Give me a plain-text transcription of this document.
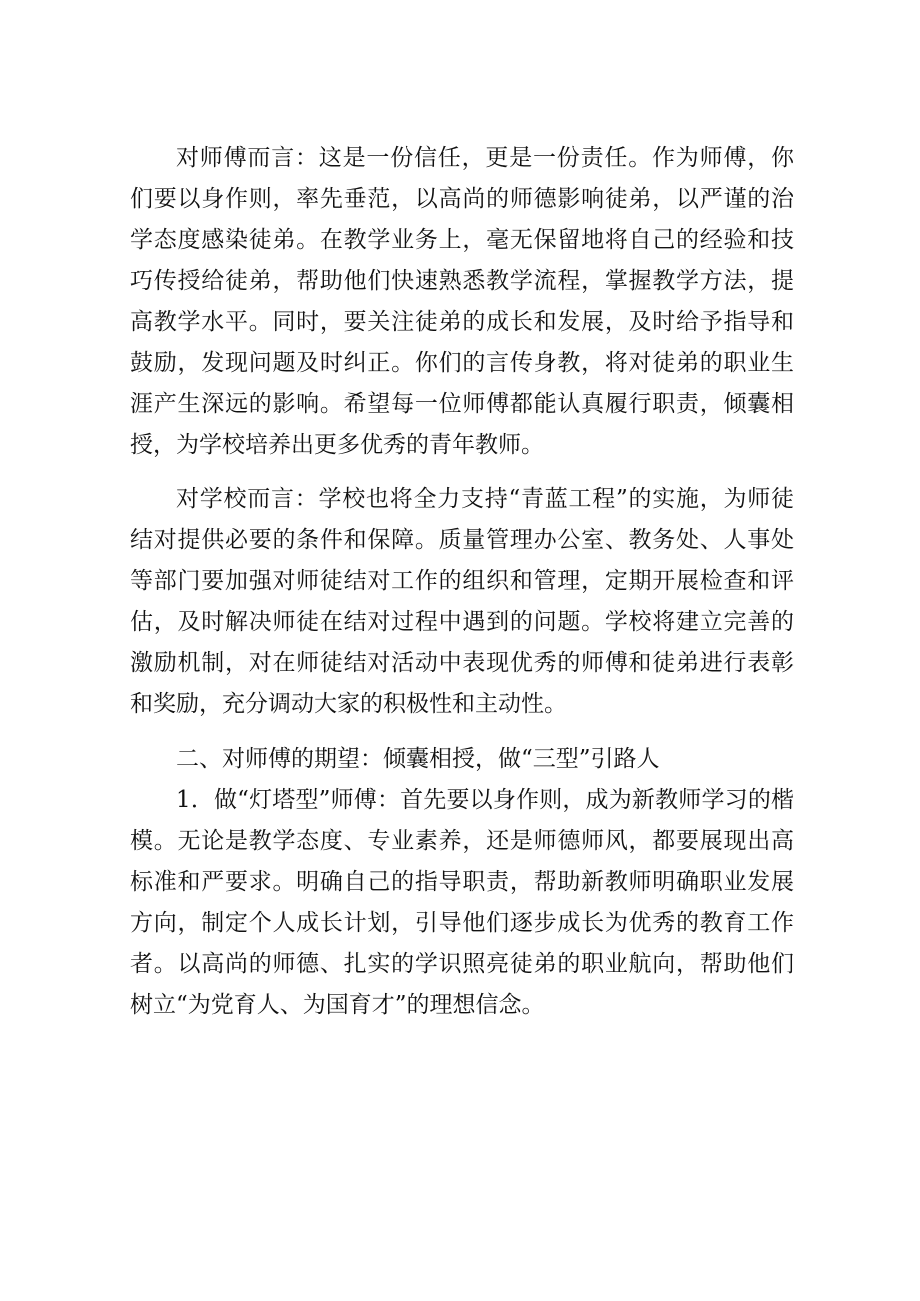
对师傅而言：这是一份信任，更是一份责任。作为师傅，你们要以身作则，率先垂范，以高尚的师德影响徒弟，以严谨的治学态度感染徒弟。在教学业务上，毫无保留地将自己的经验和技巧传授给徒弟，帮助他们快速熟悉教学流程，掌握教学方法，提高教学水平。同时，要关注徒弟的成长和发展，及时给予指导和鼓励，发现问题及时纠正。你们的言传身教，将对徒弟的职业生涯产生深远的影响。希望每一位师傅都能认真履行职责，倾囊相授，为学校培养出更多优秀的青年教师。

对学校而言：学校也将全力支持“青蓝工程”的实施，为师徒结对提供必要的条件和保障。质量管理办公室、教务处、人事处等部门要加强对师徒结对工作的组织和管理，定期开展检查和评估，及时解决师徒在结对过程中遇到的问题。学校将建立完善的激励机制，对在师徒结对活动中表现优秀的师傅和徒弟进行表彰和奖励，充分调动大家的积极性和主动性。

二、对师傅的期望：倾囊相授，做“三型”引路人

1．做“灯塔型”师傅：首先要以身作则，成为新教师学习的楷模。无论是教学态度、专业素养，还是师德师风，都要展现出高标准和严要求。明确自己的指导职责，帮助新教师明确职业发展方向，制定个人成长计划，引导他们逐步成长为优秀的教育工作者。以高尚的师德、扎实的学识照亮徒弟的职业航向，帮助他们树立“为党育人、为国育才”的理想信念。
